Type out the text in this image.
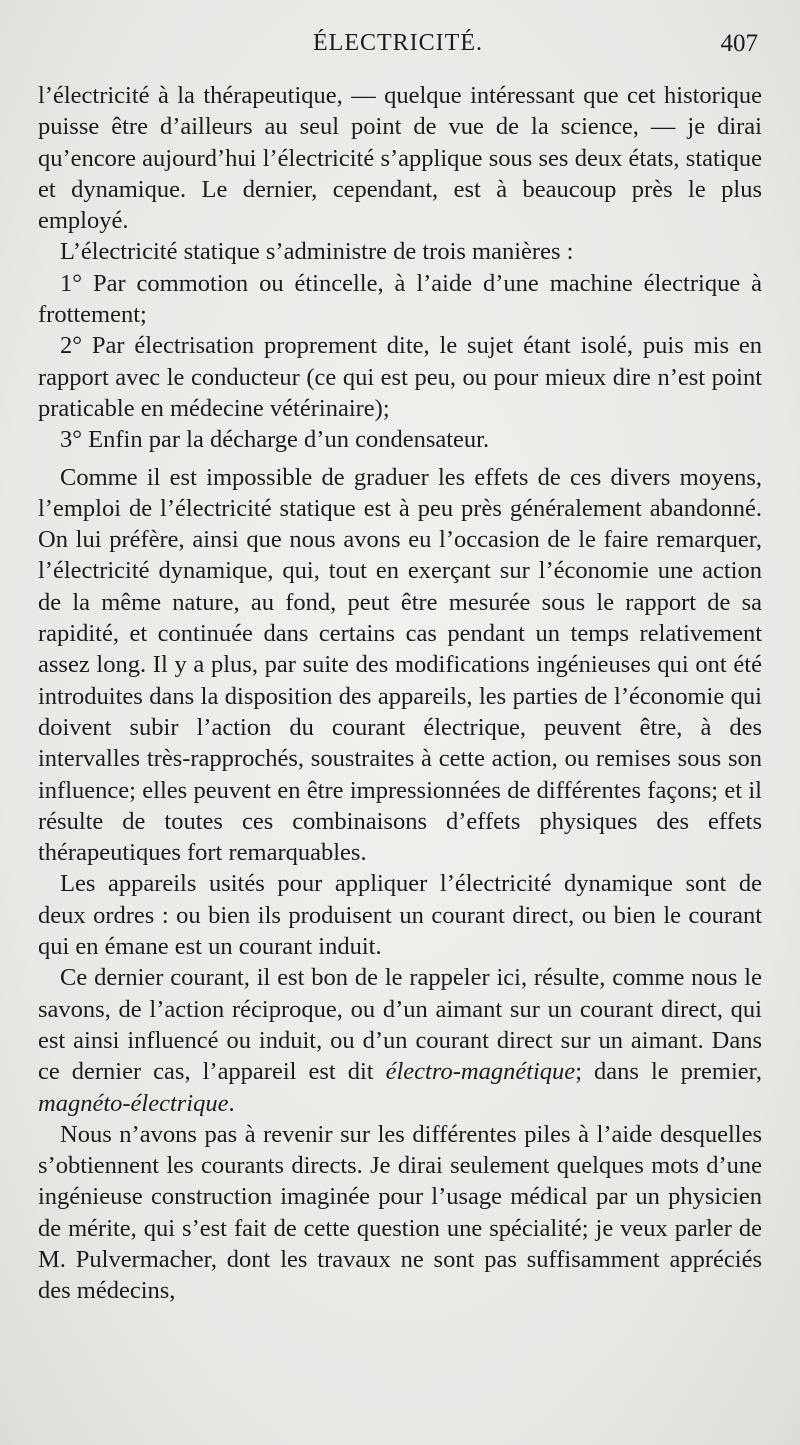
ÉLECTRICITÉ.	407

l’électricité à la thérapeutique, — quelque intéressant que cet historique puisse être d’ailleurs au seul point de vue de la science, — je dirai qu’encore aujourd’hui l’électricité s’applique sous ses deux états, statique et dynamique. Le dernier, cependant, est à beaucoup près le plus employé.

L’électricité statique s’administre de trois manières :

1° Par commotion ou étincelle, à l’aide d’une machine électrique à frottement;

2° Par électrisation proprement dite, le sujet étant isolé, puis mis en rapport avec le conducteur (ce qui est peu, ou pour mieux dire n’est point praticable en médecine vétérinaire);

3° Enfin par la décharge d’un condensateur.

Comme il est impossible de graduer les effets de ces divers moyens, l’emploi de l’électricité statique est à peu près généralement abandonné. On lui préfère, ainsi que nous avons eu l’occasion de le faire remarquer, l’électricité dynamique, qui, tout en exerçant sur l’économie une action de la même nature, au fond, peut être mesurée sous le rapport de sa rapidité, et continuée dans certains cas pendant un temps relativement assez long. Il y a plus, par suite des modifications ingénieuses qui ont été introduites dans la disposition des appareils, les parties de l’économie qui doivent subir l’action du courant électrique, peuvent être, à des intervalles très-rapprochés, soustraites à cette action, ou remises sous son influence; elles peuvent en être impressionnées de différentes façons; et il résulte de toutes ces combinaisons d’effets physiques des effets thérapeutiques fort remarquables.

Les appareils usités pour appliquer l’électricité dynamique sont de deux ordres : ou bien ils produisent un courant direct, ou bien le courant qui en émane est un courant induit.

Ce dernier courant, il est bon de le rappeler ici, résulte, comme nous le savons, de l’action réciproque, ou d’un aimant sur un courant direct, qui est ainsi influencé ou induit, ou d’un courant direct sur un aimant. Dans ce dernier cas, l’appareil est dit électro-magnétique; dans le premier, magnéto-électrique.

Nous n’avons pas à revenir sur les différentes piles à l’aide desquelles s’obtiennent les courants directs. Je dirai seulement quelques mots d’une ingénieuse construction imaginée pour l’usage médical par un physicien de mérite, qui s’est fait de cette question une spécialité; je veux parler de M. Pulvermacher, dont les travaux ne sont pas suffisamment appréciés des médecins,
